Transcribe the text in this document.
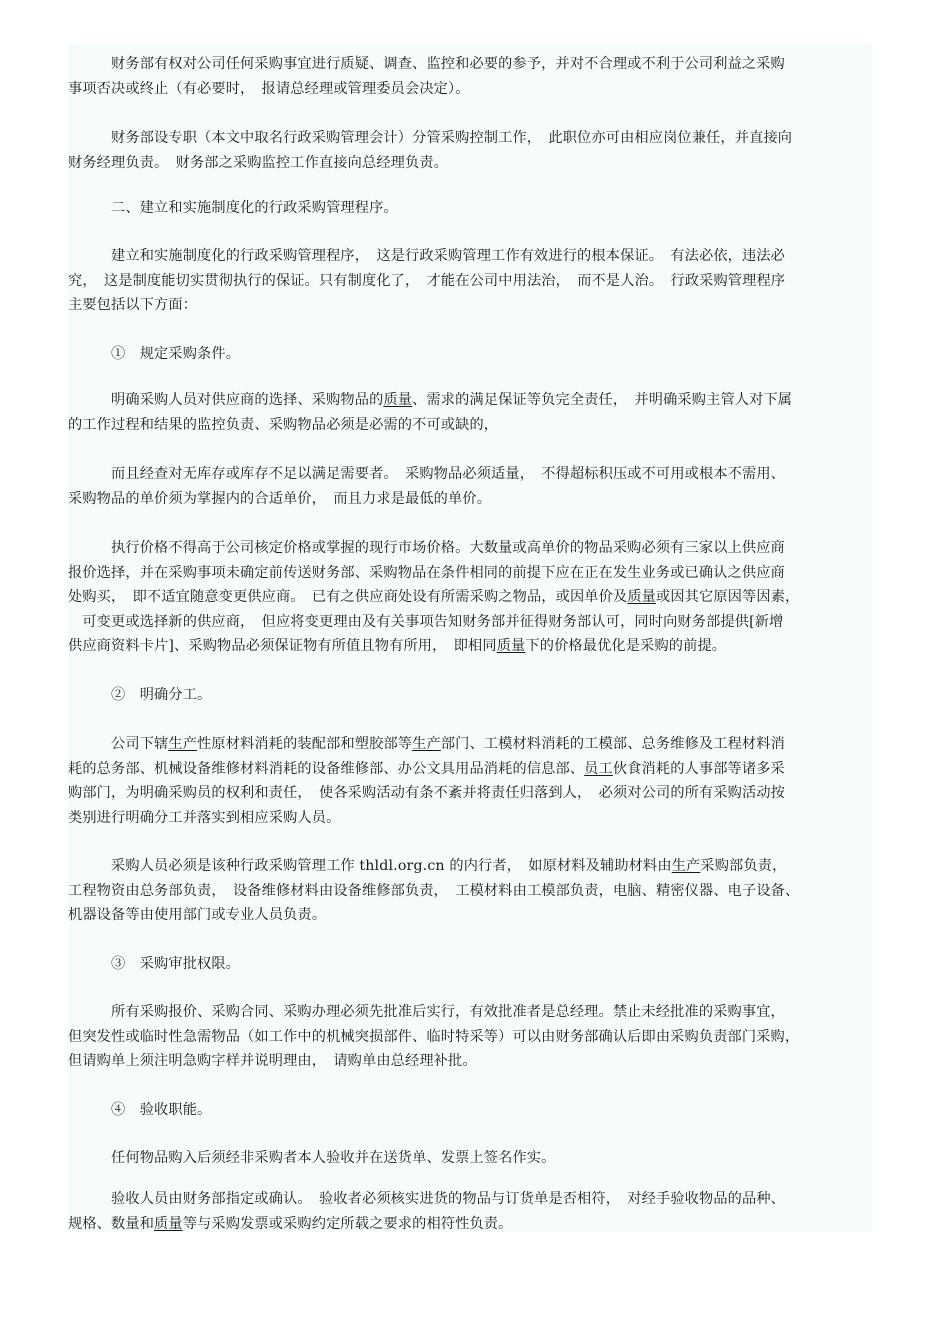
　　　财务部有权对公司任何采购事宜进行质疑、调查、监控和必要的参予，并对不合理或不利于公司利益之采购
事项否决或终止（有必要时，　报请总经理或管理委员会决定）。
　　　财务部设专职（本文中取名行政采购管理会计）分管采购控制工作，　此职位亦可由相应岗位兼任，并直接向
财务经理负责。　财务部之采购监控工作直接向总经理负责。
　　　二、建立和实施制度化的行政采购管理程序。
　　　建立和实施制度化的行政采购管理程序，　这是行政采购管理工作有效进行的根本保证。　有法必依，违法必
究，　这是制度能切实贯彻执行的保证。只有制度化了，　才能在公司中用法治，　而不是人治。　行政采购管理程序
主要包括以下方面：
　　　①　规定采购条件。
　　　明确采购人员对供应商的选择、采购物品的质量、需求的满足保证等负完全责任，　并明确采购主管人对下属
的工作过程和结果的监控负责、采购物品必须是必需的不可或缺的，
　　　而且经查对无库存或库存不足以满足需要者。　采购物品必须适量，　不得超标积压或不可用或根本不需用、
采购物品的单价须为掌握内的合适单价，　而且力求是最低的单价。
　　　执行价格不得高于公司核定价格或掌握的现行市场价格。大数量或高单价的物品采购必须有三家以上供应商
报价选择，并在采购事项未确定前传送财务部、采购物品在条件相同的前提下应在正在发生业务或已确认之供应商
处购买，　即不适宜随意变更供应商。　已有之供应商处设有所需采购之物品，或因单价及质量或因其它原因等因素，
　可变更或选择新的供应商，　但应将变更理由及有关事项告知财务部并征得财务部认可，同时向财务部提供[新增
供应商资料卡片]、采购物品必须保证物有所值且物有所用，　即相同质量下的价格最优化是采购的前提。
　　　②　明确分工。
　　　公司下辖生产性原材料消耗的装配部和塑胶部等生产部门、工模材料消耗的工模部、总务维修及工程材料消
耗的总务部、机械设备维修材料消耗的设备维修部、办公文具用品消耗的信息部、员工伙食消耗的人事部等诸多采
购部门，为明确采购员的权利和责任，　使各采购活动有条不紊并将责任归落到人，　必须对公司的所有采购活动按
类别进行明确分工并落实到相应采购人员。
　　　采购人员必须是该种行政采购管理工作 thldl.org.cn 的内行者，　如原材料及辅助材料由生产采购部负责，
工程物资由总务部负责，　设备维修材料由设备维修部负责，　工模材料由工模部负责，电脑、精密仪器、电子设备、
机器设备等由使用部门或专业人员负责。
　　　③　采购审批权限。
　　　所有采购报价、采购合同、采购办理必须先批准后实行，有效批准者是总经理。禁止未经批准的采购事宜，
但突发性或临时性急需物品（如工作中的机械突损部件、临时特采等）可以由财务部确认后即由采购负责部门采购，
但请购单上须注明急购字样并说明理由，　请购单由总经理补批。
　　　④　验收职能。
　　　任何物品购入后须经非采购者本人验收并在送货单、发票上签名作实。
　　　验收人员由财务部指定或确认。　验收者必须核实进货的物品与订货单是否相符，　对经手验收物品的品种、
规格、数量和质量等与采购发票或采购约定所载之要求的相符性负责。
